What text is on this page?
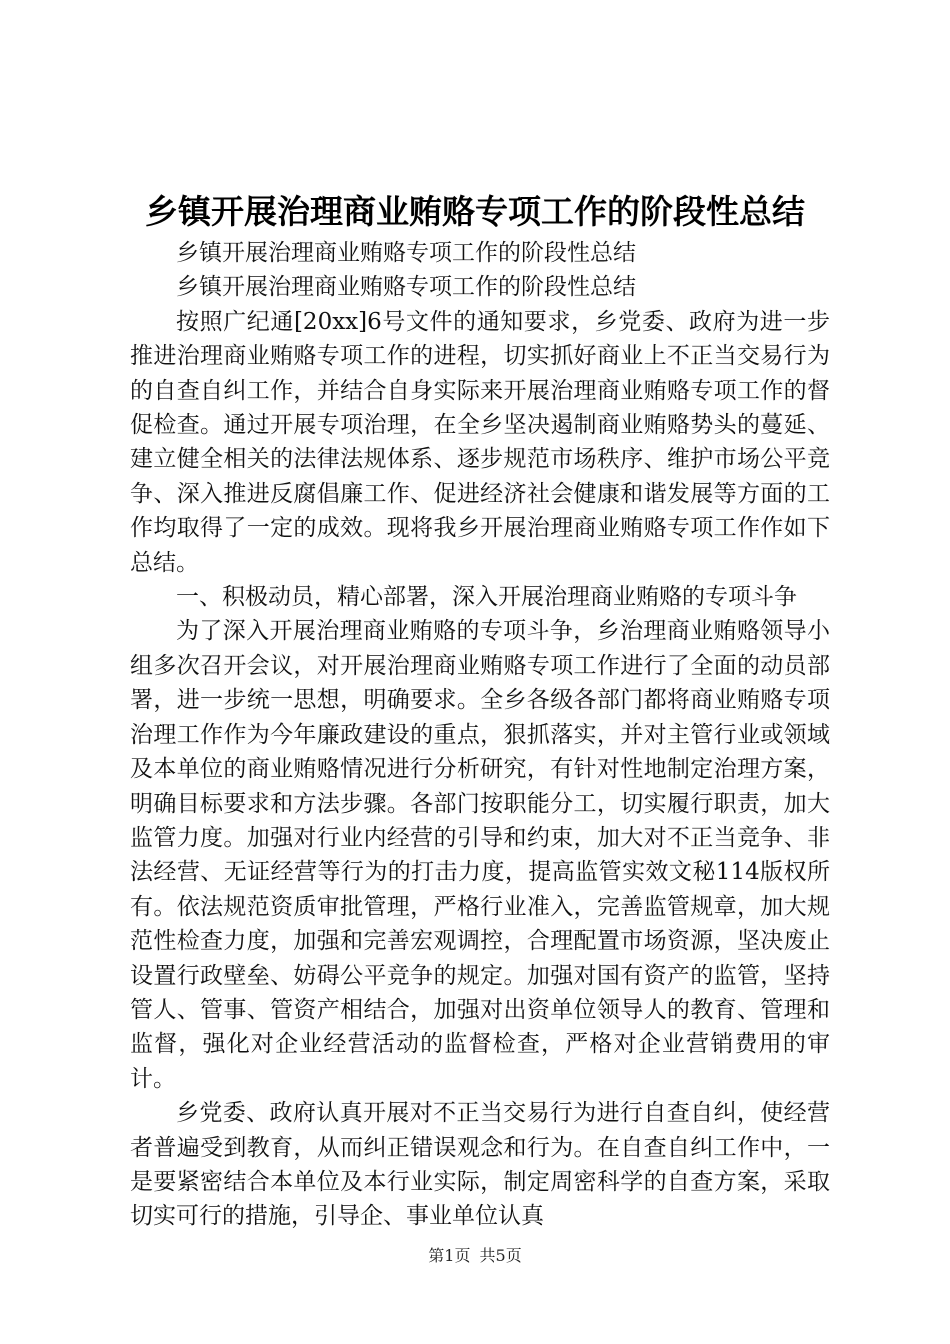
乡镇开展治理商业贿赂专项工作的阶段性总结

乡镇开展治理商业贿赂专项工作的阶段性总结

乡镇开展治理商业贿赂专项工作的阶段性总结

按照广纪通[20xx]6号文件的通知要求，乡党委、政府为进一步推进治理商业贿赂专项工作的进程，切实抓好商业上不正当交易行为的自查自纠工作，并结合自身实际来开展治理商业贿赂专项工作的督促检查。通过开展专项治理，在全乡坚决遏制商业贿赂势头的蔓延、建立健全相关的法律法规体系、逐步规范市场秩序、维护市场公平竞争、深入推进反腐倡廉工作、促进经济社会健康和谐发展等方面的工作均取得了一定的成效。现将我乡开展治理商业贿赂专项工作作如下总结。

一、积极动员，精心部署，深入开展治理商业贿赂的专项斗争

为了深入开展治理商业贿赂的专项斗争，乡治理商业贿赂领导小组多次召开会议，对开展治理商业贿赂专项工作进行了全面的动员部署，进一步统一思想，明确要求。全乡各级各部门都将商业贿赂专项治理工作作为今年廉政建设的重点，狠抓落实，并对主管行业或领域及本单位的商业贿赂情况进行分析研究，有针对性地制定治理方案，明确目标要求和方法步骤。各部门按职能分工，切实履行职责，加大监管力度。加强对行业内经营的引导和约束，加大对不正当竞争、非法经营、无证经营等行为的打击力度，提高监管实效文秘114版权所有。依法规范资质审批管理，严格行业准入，完善监管规章，加大规范性检查力度，加强和完善宏观调控，合理配置市场资源，坚决废止设置行政壁垒、妨碍公平竞争的规定。加强对国有资产的监管，坚持管人、管事、管资产相结合，加强对出资单位领导人的教育、管理和监督，强化对企业经营活动的监督检查，严格对企业营销费用的审计。

乡党委、政府认真开展对不正当交易行为进行自查自纠，使经营者普遍受到教育，从而纠正错误观念和行为。在自查自纠工作中，一是要紧密结合本单位及本行业实际，制定周密科学的自查方案，采取切实可行的措施，引导企、事业单位认真

第1页 共5页
